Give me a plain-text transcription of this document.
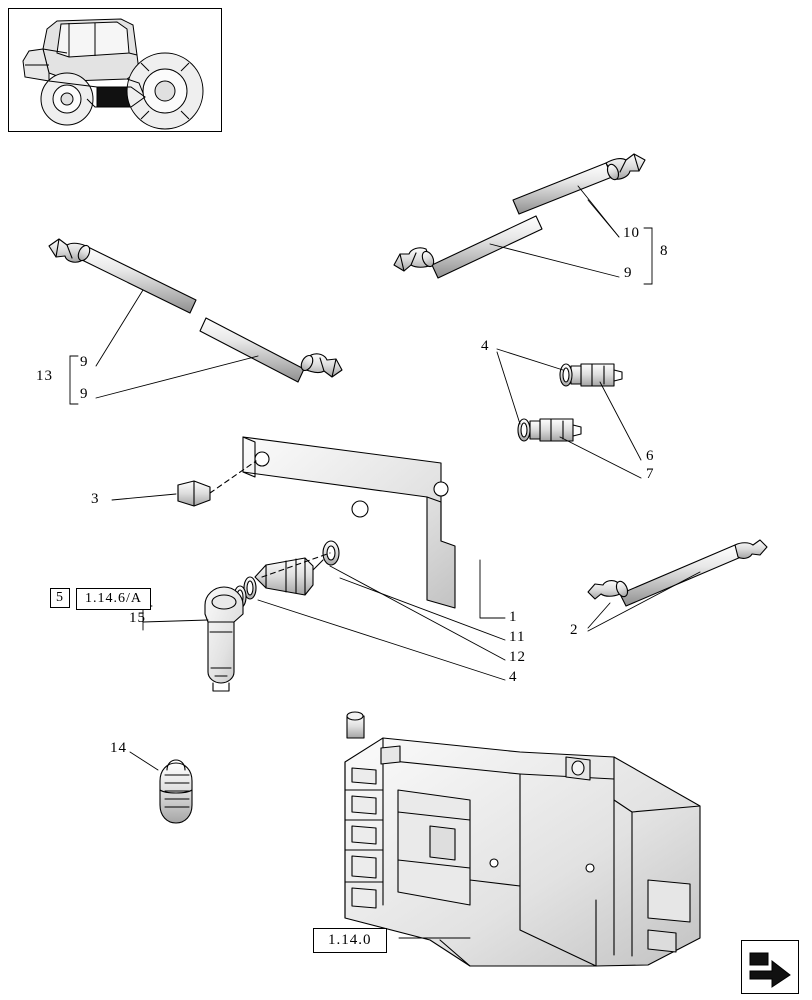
10
8
9
13
9
9
4
6
7
3
15	1
11
12
4
2
14
5	1.14.6/A
1.14.0
